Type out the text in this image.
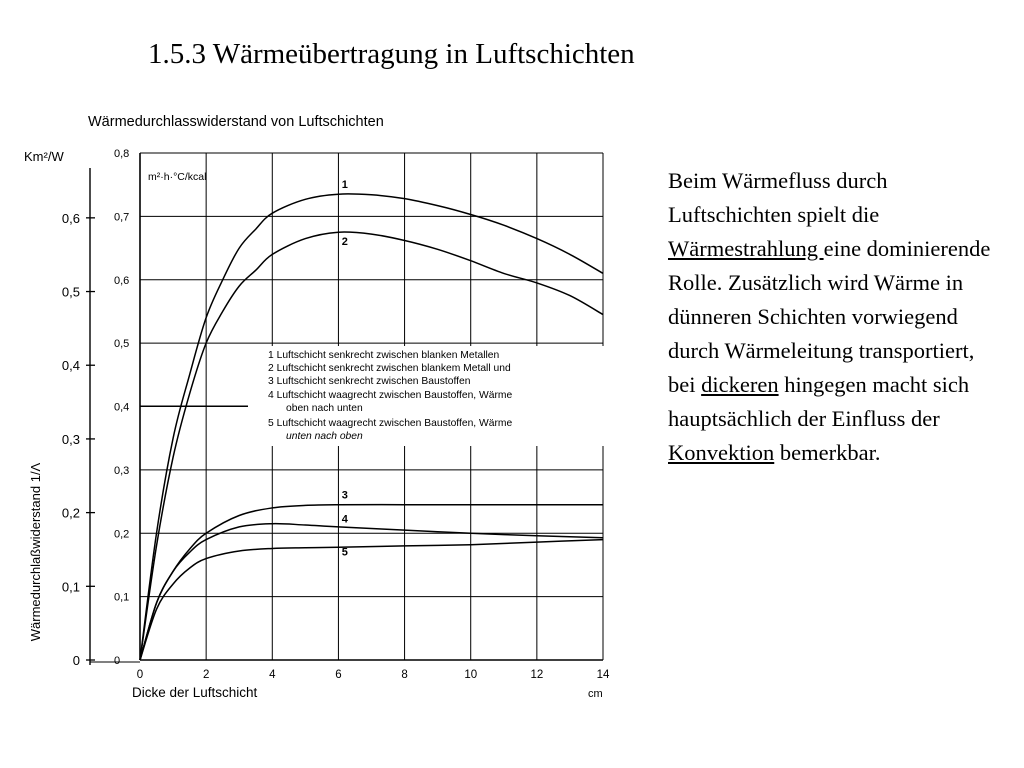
1.5.3 Wärmeübertragung in Luftschichten
Wärmedurchlasswiderstand von Luftschichten
Km²/W
m²·h·°C/kcal
Wärmedurchlaßwiderstand 1/Λ
Dicke der Luftschicht	cm
0
0,1
0,2
0,3
0,4
0,5
0,6
0,7
0,8
0	2	4	6	8	10	12	14
0
0,1
0,2
0,3
0,4
0,5
0,6
1 Luftschicht senkrecht zwischen blanken Metallen
2 Luftschicht senkrecht zwischen blankem Metall und
3 Luftschicht senkrecht zwischen Baustoffen
4 Luftschicht waagrecht zwischen Baustoffen, Wärme
oben nach unten
5 Luftschicht waagrecht zwischen Baustoffen, Wärme
unten nach oben
1
2
3
4
5
Beim Wärmefluss durch Luftschichten spielt die Wärmestrahlung eine dominierende Rolle. Zusätzlich wird Wärme in dünneren Schichten vorwiegend durch Wärmeleitung transportiert, bei dickeren hingegen macht sich hauptsächlich der Einfluss der Konvektion bemerkbar.
